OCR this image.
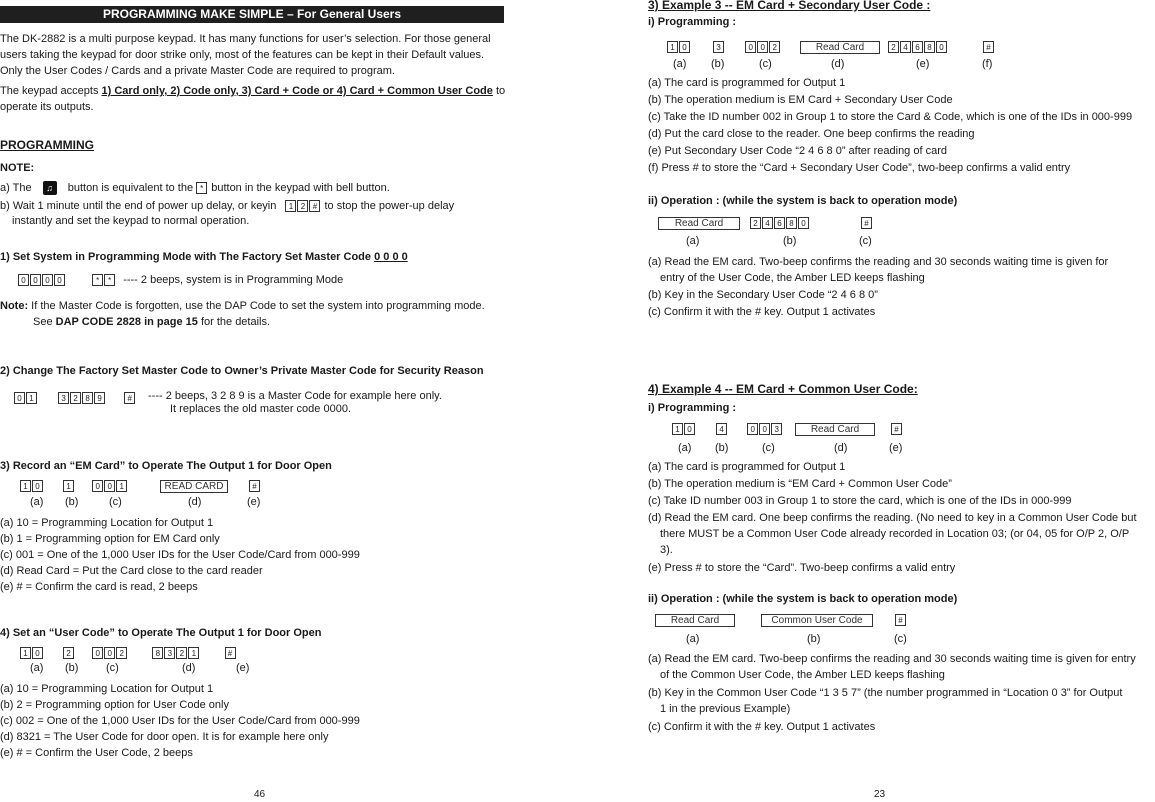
PROGRAMMING MAKE SIMPLE – For General Users
The DK-2882 is a multi purpose keypad. It has many functions for user’s selection. For those general users taking the keypad for door strike only, most of the features can be kept in their Default values. Only the User Codes / Cards and a private Master Code are required to program.
The keypad accepts 1) Card only, 2) Code only, 3) Card + Code or 4) Card + Common User Code to operate its outputs.
PROGRAMMING
NOTE:
a) The ♫ button is equivalent to the * button in the keypad with bell button.
b) Wait 1 minute until the end of power up delay, or keyin 1 2 # to stop the power-up delay
instantly and set the keypad to normal operation.
1) Set System in Programming Mode with The Factory Set Master Code 0 0 0 0
0 0 0 0	* * ---- 2 beeps, system is in Programming Mode
Note: If the Master Code is forgotten, use the DAP Code to set the system into programming mode.
See DAP CODE 2828 in page 15 for the details.
2) Change The Factory Set Master Code to Owner’s Private Master Code for Security Reason
0 1	3 2 8 9	#	---- 2 beeps, 3 2 8 9 is a Master Code for example here only.
It replaces the old master code 0000.
3) Record an “EM Card” to Operate The Output 1 for Door Open
1 0	1	0 0 1	READ CARD	#
(a) (b)	(c)	(d)	(e)
(a) 10 = Programming Location for Output 1
(b) 1 = Programming option for EM Card only
(c) 001 = One of the 1,000 User IDs for the User Code/Card from 000-999
(d) Read Card = Put the Card close to the card reader
(e) # = Confirm the card is read, 2 beeps
4) Set an “User Code” to Operate The Output 1 for Door Open
1 0	2	0 0 2	8 3 2 1	#
(a) (b)	(c)	(d)	(e)
(a) 10 = Programming Location for Output 1
(b) 2 = Programming option for User Code only
(c) 002 = One of the 1,000 User IDs for the User Code/Card from 000-999
(d) 8321 = The User Code for door open. It is for example here only
(e) # = Confirm the User Code, 2 beeps
46
3) Example 3 -- EM Card + Secondary User Code :
i) Programming :
1 0	3	0 0 2	Read Card	2 4 6 8 0	#
(a) (b)	(c)	(d)	(e)	(f)
(a) The card is programmed for Output 1
(b) The operation medium is EM Card + Secondary User Code
(c) Take the ID number 002 in Group 1 to store the Card & Code, which is one of the IDs in 000-999
(d) Put the card close to the reader. One beep confirms the reading
(e) Put Secondary User Code “2 4 6 8 0” after reading of card
(f) Press # to store the “Card + Secondary User Code”, two-beep confirms a valid entry
ii) Operation : (while the system is back to operation mode)
Read Card	2 4 6 8 0	#
(a)	(b)	(c)
(a) Read the EM card. Two-beep confirms the reading and 30 seconds waiting time is given for
entry of the User Code, the Amber LED keeps flashing
(b) Key in the Secondary User Code “2 4 6 8 0”
(c) Confirm it with the # key. Output 1 activates
4) Example 4 -- EM Card + Common User Code:
i) Programming :
1 0	4	0 0 3	Read Card	#
(a) (b)	(c)	(d)	(e)
(a) The card is programmed for Output 1
(b) The operation medium is “EM Card + Common User Code”
(c) Take ID number 003 in Group 1 to store the card, which is one of the IDs in 000-999
(d) Read the EM card. One beep confirms the reading. (No need to key in a Common User Code but
there MUST be a Common User Code already recorded in Location 03; (or 04, 05 for O/P 2, O/P
3).
(e) Press # to store the “Card”. Two-beep confirms a valid entry
ii) Operation : (while the system is back to operation mode)
Read Card	Common User Code	#
(a)	(b)	(c)
(a) Read the EM card. Two-beep confirms the reading and 30 seconds waiting time is given for entry
of the Common User Code, the Amber LED keeps flashing
(b) Key in the Common User Code “1 3 5 7” (the number programmed in “Location 0 3” for Output
1 in the previous Example)
(c) Confirm it with the # key. Output 1 activates
23
